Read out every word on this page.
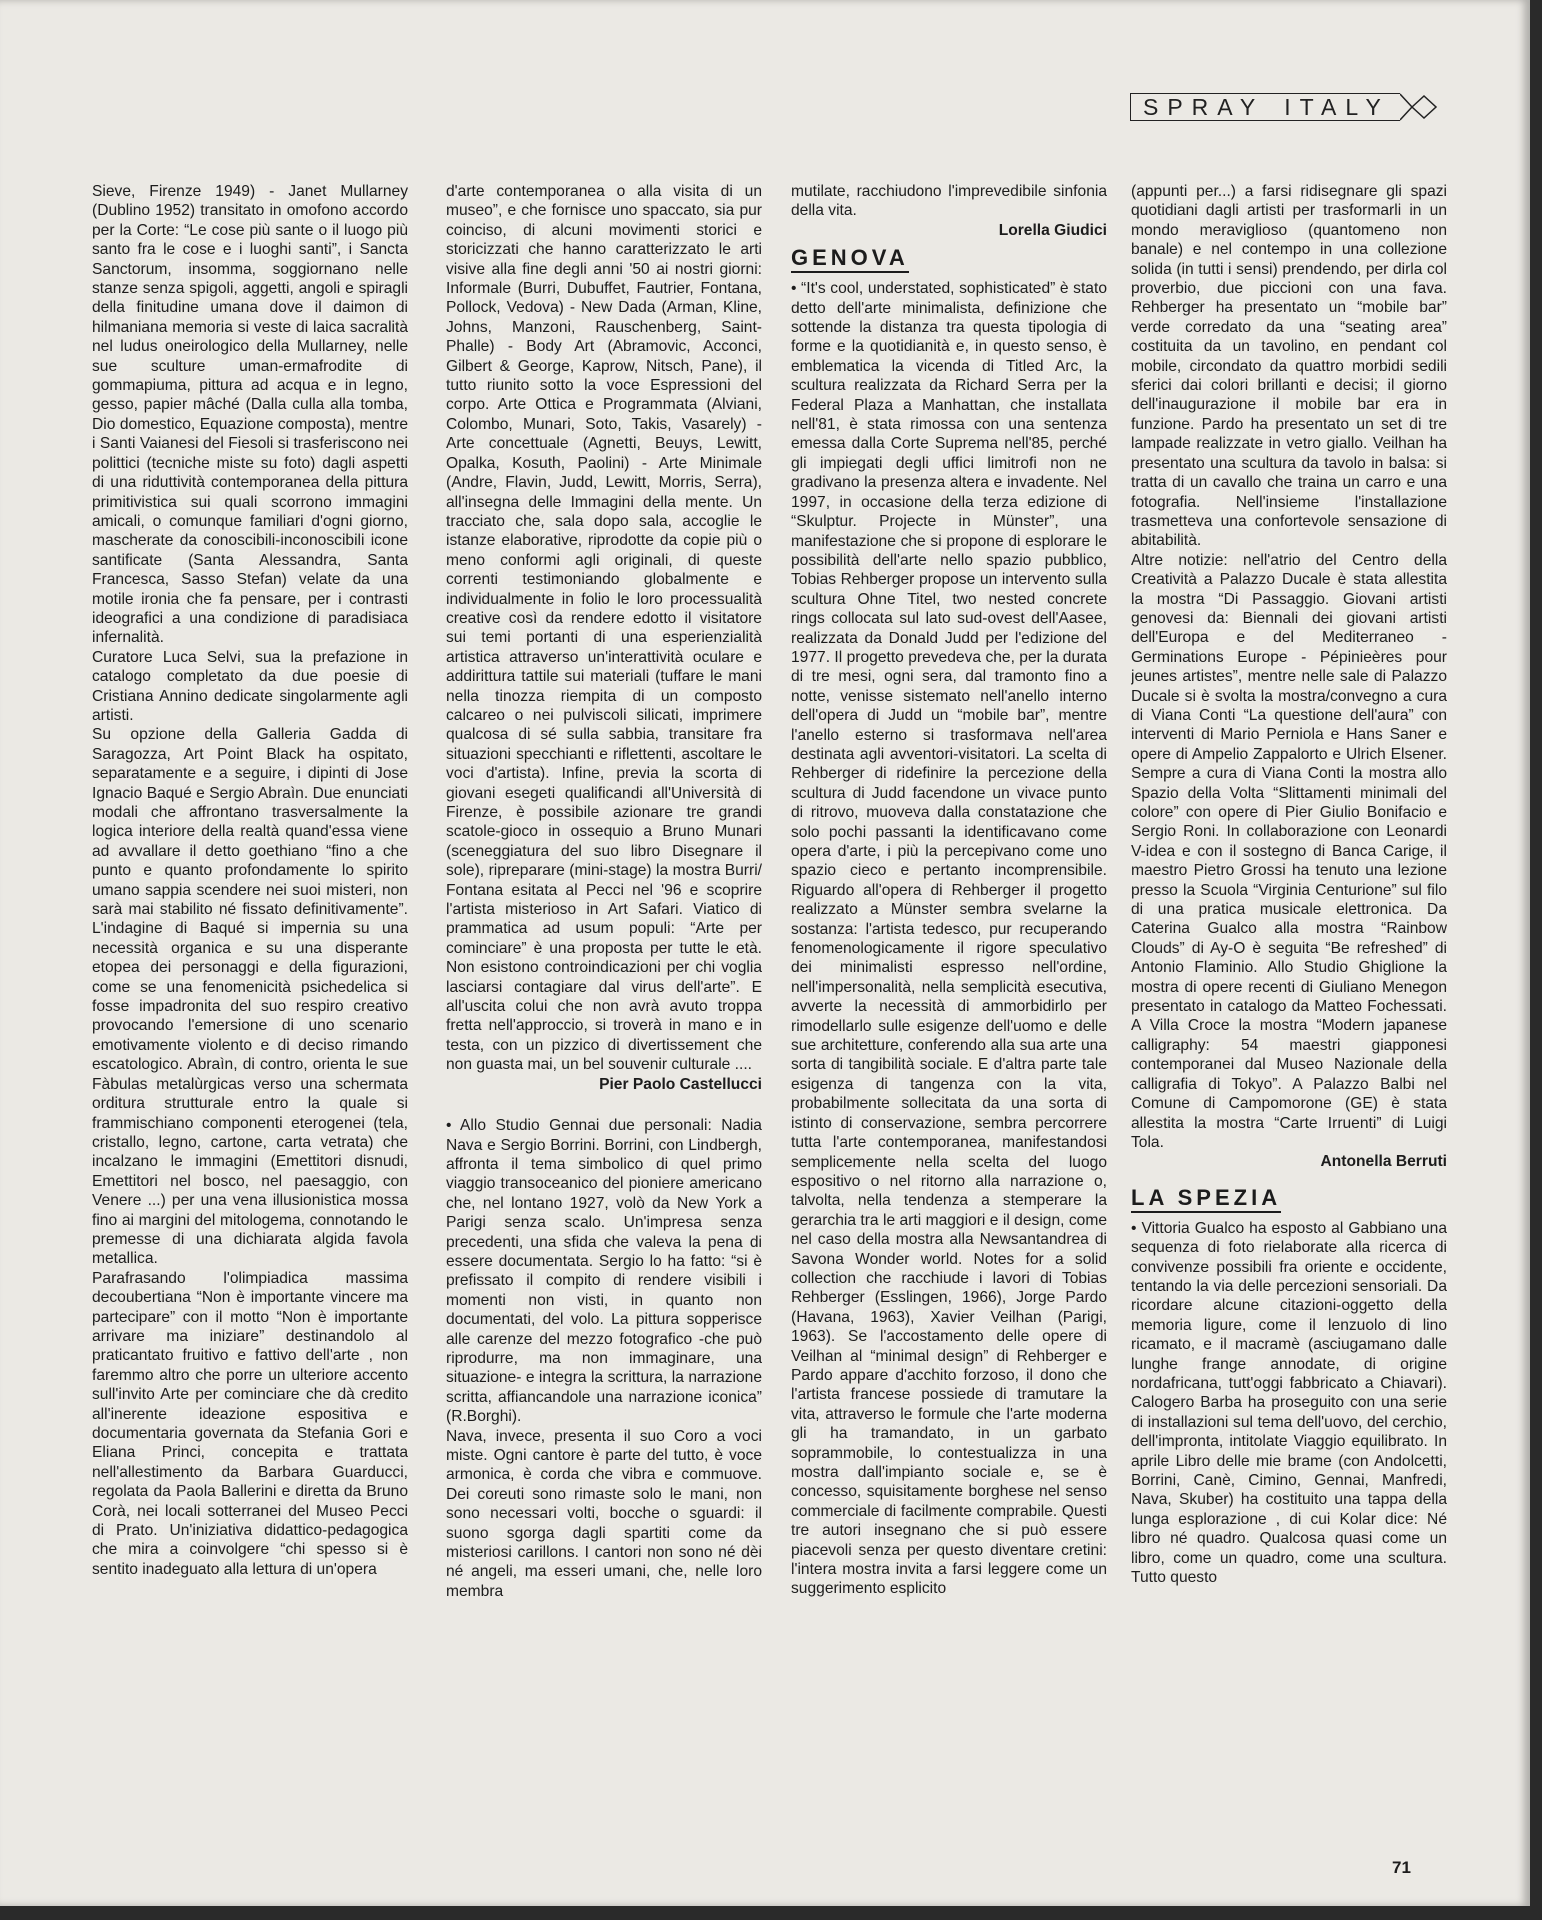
SPRAY ITALY

Sieve, Firenze 1949) - Janet Mullarney (Dublino 1952) transitato in omofono accordo per la Corte: “Le cose più sante o il luogo più santo fra le cose e i luoghi santi”, i Sancta Sanctorum, insomma, soggiornano nelle stanze senza spigoli, aggetti, angoli e spiragli della finitudine umana dove il daimon di hilmaniana memoria si veste di laica sacralità nel ludus oneirologico della Mullarney, nelle sue sculture uman-ermafrodite di gommapiuma, pittura ad acqua e in legno, gesso, papier mâché (Dalla culla alla tomba, Dio domestico, Equazione composta), mentre i Santi Vaianesi del Fiesoli si trasferiscono nei polittici (tecniche miste su foto) dagli aspetti di una riduttività contemporanea della pittura primitivistica sui quali scorrono immagini amicali, o comunque familiari d'ogni giorno, mascherate da conoscibili-inconoscibili icone santificate (Santa Alessandra, Santa Francesca, Sasso Stefan) velate da una motile ironia che fa pensare, per i contrasti ideografici a una condizione di paradisiaca infernalità.

Curatore Luca Selvi, sua la prefazione in catalogo completato da due poesie di Cristiana Annino dedicate singolarmente agli artisti.

Su opzione della Galleria Gadda di Saragozza, Art Point Black ha ospitato, separatamente e a seguire, i dipinti di Jose Ignacio Baqué e Sergio Abraìn. Due enunciati modali che affrontano trasversalmente la logica interiore della realtà quand'essa viene ad avvallare il detto goethiano “fino a che punto e quanto profondamente lo spirito umano sappia scendere nei suoi misteri, non sarà mai stabilito né fissato definitivamente”. L'indagine di Baqué si impernia su una necessità organica e su una disperante etopea dei personaggi e della figurazioni, come se una fenomenicità psichedelica si fosse impadronita del suo respiro creativo provocando l'emersione di uno scenario emotivamente violento e di deciso rimando escatologico. Abraìn, di contro, orienta le sue Fàbulas metalùrgicas verso una schermata orditura strutturale entro la quale si frammischiano componenti eterogenei (tela, cristallo, legno, cartone, carta vetrata) che incalzano le immagini (Emettitori disnudi, Emettitori nel bosco, nel paesaggio, con Venere ...) per una vena illusionistica mossa fino ai margini del mitologema, connotando le premesse di una dichiarata algida favola metallica.

Parafrasando l'olimpiadica massima decoubertiana “Non è importante vincere ma partecipare” con il motto “Non è importante arrivare ma iniziare” destinandolo al praticantato fruitivo e fattivo dell'arte , non faremmo altro che porre un ulteriore accento sull'invito Arte per cominciare che dà credito all'inerente ideazione espositiva e documentaria governata da Stefania Gori e Eliana Princi, concepita e trattata nell'allestimento da Barbara Guarducci, regolata da Paola Ballerini e diretta da Bruno Corà, nei locali sotterranei del Museo Pecci di Prato. Un'iniziativa didattico-pedagogica che mira a coinvolgere “chi spesso si è sentito inadeguato alla lettura di un'opera

d'arte contemporanea o alla visita di un museo”, e che fornisce uno spaccato, sia pur coinciso, di alcuni movimenti storici e storicizzati che hanno caratterizzato le arti visive alla fine degli anni '50 ai nostri giorni: Informale (Burri, Dubuffet, Fautrier, Fontana, Pollock, Vedova) - New Dada (Arman, Kline, Johns, Manzoni, Rauschenberg, Saint-Phalle) - Body Art (Abramovic, Acconci, Gilbert & George, Kaprow, Nitsch, Pane), il tutto riunito sotto la voce Espressioni del corpo. Arte Ottica e Programmata (Alviani, Colombo, Munari, Soto, Takis, Vasarely) - Arte concettuale (Agnetti, Beuys, Lewitt, Opalka, Kosuth, Paolini) - Arte Minimale (Andre, Flavin, Judd, Lewitt, Morris, Serra), all'insegna delle Immagini della mente. Un tracciato che, sala dopo sala, accoglie le istanze elaborative, riprodotte da copie più o meno conformi agli originali, di queste correnti testimoniando globalmente e individualmente in folio le loro processualità creative così da rendere edotto il visitatore sui temi portanti di una esperienzialità artistica attraverso un'interattività oculare e addirittura tattile sui materiali (tuffare le mani nella tinozza riempita di un composto calcareo o nei pulviscoli silicati, imprimere qualcosa di sé sulla sabbia, transitare fra situazioni specchianti e riflettenti, ascoltare le voci d'artista). Infine, previa la scorta di giovani esegeti qualificandi all'Università di Firenze, è possibile azionare tre grandi scatole-gioco in ossequio a Bruno Munari (sceneggiatura del suo libro Disegnare il sole), ripreparare (mini-stage) la mostra Burri/ Fontana esitata al Pecci nel '96 e scoprire l'artista misterioso in Art Safari. Viatico di prammatica ad usum populi: “Arte per cominciare” è una proposta per tutte le età. Non esistono controindicazioni per chi voglia lasciarsi contagiare dal virus dell'arte”. E all'uscita colui che non avrà avuto troppa fretta nell'approccio, si troverà in mano e in testa, con un pizzico di divertissement che non guasta mai, un bel souvenir culturale ....

Pier Paolo Castellucci

• Allo Studio Gennai due personali: Nadia Nava e Sergio Borrini. Borrini, con Lindbergh, affronta il tema simbolico di quel primo viaggio transoceanico del pioniere americano che, nel lontano 1927, volò da New York a Parigi senza scalo. Un'impresa senza precedenti, una sfida che valeva la pena di essere documentata. Sergio lo ha fatto: “si è prefissato il compito di rendere visibili i momenti non visti, in quanto non documentati, del volo. La pittura sopperisce alle carenze del mezzo fotografico -che può riprodurre, ma non immaginare, una situazione- e integra la scrittura, la narrazione scritta, affiancandole una narrazione iconica” (R.Borghi).

Nava, invece, presenta il suo Coro a voci miste. Ogni cantore è parte del tutto, è voce armonica, è corda che vibra e commuove. Dei coreuti sono rimaste solo le mani, non sono necessari volti, bocche o sguardi: il suono sgorga dagli spartiti come da misteriosi carillons. I cantori non sono né dèi né angeli, ma esseri umani, che, nelle loro membra

mutilate, racchiudono l'imprevedibile sinfonia della vita.

Lorella Giudici

GENOVA

• “It's cool, understated, sophisticated” è stato detto dell'arte minimalista, definizione che sottende la distanza tra questa tipologia di forme e la quotidianità e, in questo senso, è emblematica la vicenda di Titled Arc, la scultura realizzata da Richard Serra per la Federal Plaza a Manhattan, che installata nell'81, è stata rimossa con una sentenza emessa dalla Corte Suprema nell'85, perché gli impiegati degli uffici limitrofi non ne gradivano la presenza altera e invadente. Nel 1997, in occasione della terza edizione di “Skulptur. Projecte in Münster”, una manifestazione che si propone di esplorare le possibilità dell'arte nello spazio pubblico, Tobias Rehberger propose un intervento sulla scultura Ohne Titel, two nested concrete rings collocata sul lato sud-ovest dell'Aasee, realizzata da Donald Judd per l'edizione del 1977. Il progetto prevedeva che, per la durata di tre mesi, ogni sera, dal tramonto fino a notte, venisse sistemato nell'anello interno dell'opera di Judd un “mobile bar”, mentre l'anello esterno si trasformava nell'area destinata agli avventori-visitatori. La scelta di Rehberger di ridefinire la percezione della scultura di Judd facendone un vivace punto di ritrovo, muoveva dalla constatazione che solo pochi passanti la identificavano come opera d'arte, i più la percepivano come uno spazio cieco e pertanto incomprensibile. Riguardo all'opera di Rehberger il progetto realizzato a Münster sembra svelarne la sostanza: l'artista tedesco, pur recuperando fenomenologicamente il rigore speculativo dei minimalisti espresso nell'ordine, nell'impersonalità, nella semplicità esecutiva, avverte la necessità di ammorbidirlo per rimodellarlo sulle esigenze dell'uomo e delle sue architetture, conferendo alla sua arte una sorta di tangibilità sociale. E d'altra parte tale esigenza di tangenza con la vita, probabilmente sollecitata da una sorta di istinto di conservazione, sembra percorrere tutta l'arte contemporanea, manifestandosi semplicemente nella scelta del luogo espositivo o nel ritorno alla narrazione o, talvolta, nella tendenza a stemperare la gerarchia tra le arti maggiori e il design, come nel caso della mostra alla Newsantandrea di Savona Wonder world. Notes for a solid collection che racchiude i lavori di Tobias Rehberger (Esslingen, 1966), Jorge Pardo (Havana, 1963), Xavier Veilhan (Parigi, 1963). Se l'accostamento delle opere di Veilhan al “minimal design” di Rehberger e Pardo appare d'acchito forzoso, il dono che l'artista francese possiede di tramutare la vita, attraverso le formule che l'arte moderna gli ha tramandato, in un garbato soprammobile, lo contestualizza in una mostra dall'impianto sociale e, se è concesso, squisitamente borghese nel senso commerciale di facilmente comprabile. Questi tre autori insegnano che si può essere piacevoli senza per questo diventare cretini: l'intera mostra invita a farsi leggere come un suggerimento esplicito

(appunti per...) a farsi ridisegnare gli spazi quotidiani dagli artisti per trasformarli in un mondo meraviglioso (quantomeno non banale) e nel contempo in una collezione solida (in tutti i sensi) prendendo, per dirla col proverbio, due piccioni con una fava. Rehberger ha presentato un “mobile bar” verde corredato da una “seating area” costituita da un tavolino, en pendant col mobile, circondato da quattro morbidi sedili sferici dai colori brillanti e decisi; il giorno dell'inaugurazione il mobile bar era in funzione. Pardo ha presentato un set di tre lampade realizzate in vetro giallo. Veilhan ha presentato una scultura da tavolo in balsa: si tratta di un cavallo che traina un carro e una fotografia. Nell'insieme l'installazione trasmetteva una confortevole sensazione di abitabilità.

Altre notizie: nell'atrio del Centro della Creatività a Palazzo Ducale è stata allestita la mostra “Di Passaggio. Giovani artisti genovesi da: Biennali dei giovani artisti dell'Europa e del Mediterraneo - Germinations Europe - Pépinieères pour jeunes artistes”, mentre nelle sale di Palazzo Ducale si è svolta la mostra/convegno a cura di Viana Conti “La questione dell'aura” con interventi di Mario Perniola e Hans Saner e opere di Ampelio Zappalorto e Ulrich Elsener. Sempre a cura di Viana Conti la mostra allo Spazio della Volta “Slittamenti minimali del colore” con opere di Pier Giulio Bonifacio e Sergio Roni. In collaborazione con Leonardi V-idea e con il sostegno di Banca Carige, il maestro Pietro Grossi ha tenuto una lezione presso la Scuola “Virginia Centurione” sul filo di una pratica musicale elettronica. Da Caterina Gualco alla mostra “Rainbow Clouds” di Ay-O è seguita “Be refreshed” di Antonio Flaminio. Allo Studio Ghiglione la mostra di opere recenti di Giuliano Menegon presentato in catalogo da Matteo Fochessati. A Villa Croce la mostra “Modern japanese calligraphy: 54 maestri giapponesi contemporanei dal Museo Nazionale della calligrafia di Tokyo”. A Palazzo Balbi nel Comune di Campomorone (GE) è stata allestita la mostra “Carte Irruenti” di Luigi Tola.

Antonella Berruti

LA SPEZIA

• Vittoria Gualco ha esposto al Gabbiano una sequenza di foto rielaborate alla ricerca di convivenze possibili fra oriente e occidente, tentando la via delle percezioni sensoriali. Da ricordare alcune citazioni-oggetto della memoria ligure, come il lenzuolo di lino ricamato, e il macramè (asciugamano dalle lunghe frange annodate, di origine nordafricana, tutt'oggi fabbricato a Chiavari). Calogero Barba ha proseguito con una serie di installazioni sul tema dell'uovo, del cerchio, dell'impronta, intitolate Viaggio equilibrato. In aprile Libro delle mie brame (con Andolcetti, Borrini, Canè, Cimino, Gennai, Manfredi, Nava, Skuber) ha costituito una tappa della lunga esplorazione , di cui Kolar dice: Né libro né quadro. Qualcosa quasi come un libro, come un quadro, come una scultura. Tutto questo

71
